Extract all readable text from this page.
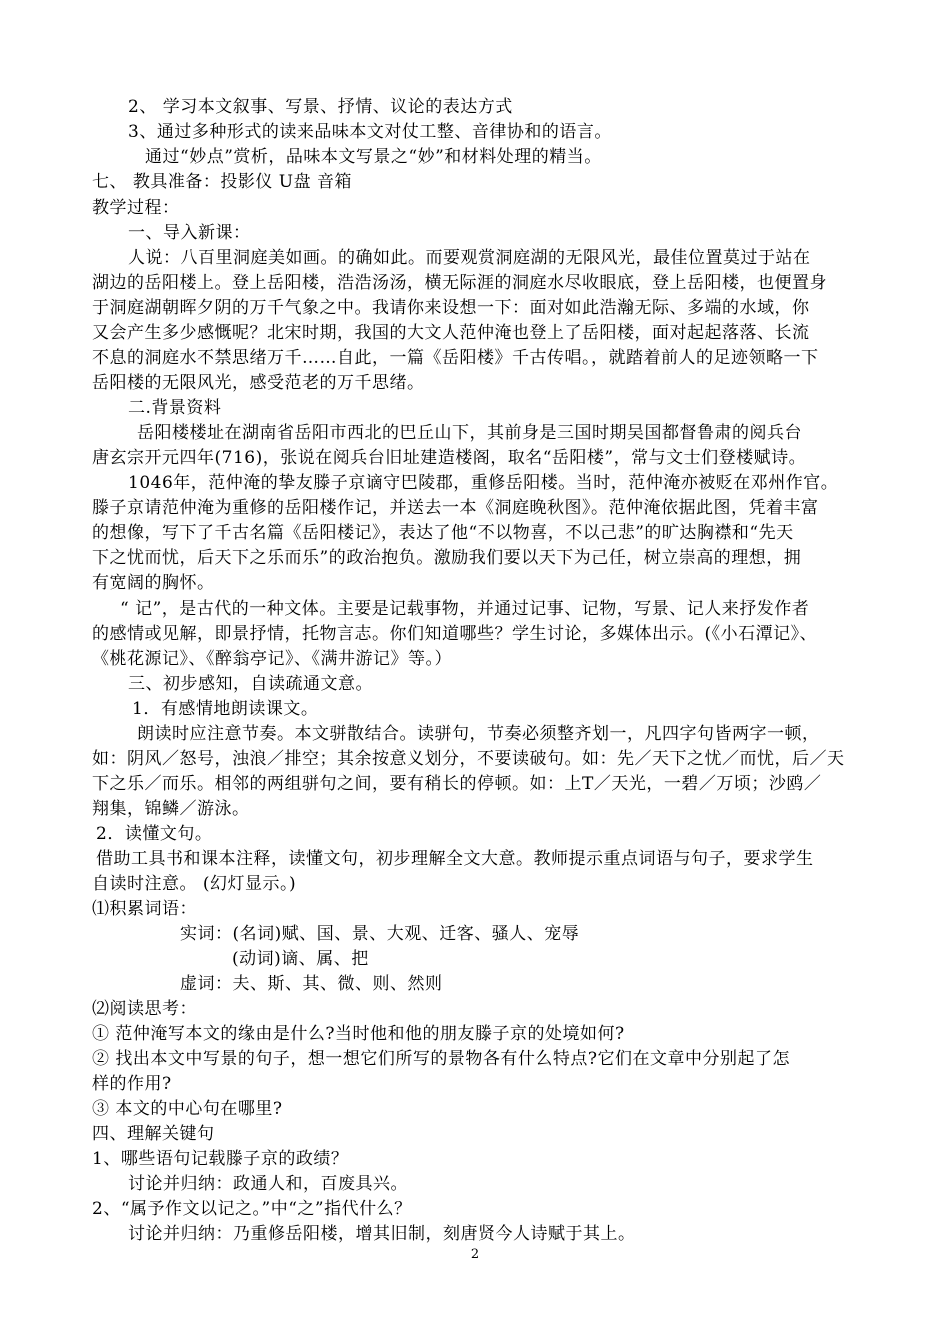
2、 学习本文叙事、写景、抒情、议论的表达方式
3、通过多种形式的读来品味本文对仗工整、音律协和的语言。
通过“妙点”赏析，品味本文写景之“妙”和材料处理的精当。
七、 教具准备：投影仪 U盘 音箱
教学过程：
一、导入新课：
人说：八百里洞庭美如画。的确如此。而要观赏洞庭湖的无限风光，最佳位置莫过于站在
湖边的岳阳楼上。登上岳阳楼，浩浩汤汤，横无际涯的洞庭水尽收眼底，登上岳阳楼，也便置身
于洞庭湖朝晖夕阴的万千气象之中。我请你来设想一下：面对如此浩瀚无际、多端的水域，你
又会产生多少感慨呢？北宋时期，我国的大文人范仲淹也登上了岳阳楼，面对起起落落、长流
不息的洞庭水不禁思绪万千……自此，一篇《岳阳楼》千古传唱。，就踏着前人的足迹领略一下
岳阳楼的无限风光，感受范老的万千思绪。
二.背景资料
岳阳楼楼址在湖南省岳阳市西北的巴丘山下，其前身是三国时期吴国都督鲁肃的阅兵台
唐玄宗开元四年(716)，张说在阅兵台旧址建造楼阁，取名“岳阳楼”，常与文士们登楼赋诗。
1046年，范仲淹的挚友滕子京谪守巴陵郡，重修岳阳楼。当时，范仲淹亦被贬在邓州作官。
滕子京请范仲淹为重修的岳阳楼作记，并送去一本《洞庭晚秋图》。范仲淹依据此图，凭着丰富
的想像，写下了千古名篇《岳阳楼记》，表达了他“不以物喜，不以己悲”的旷达胸襟和“先天
下之忧而忧，后天下之乐而乐”的政治抱负。激励我们要以天下为己任，树立崇高的理想，拥
有宽阔的胸怀。
“ 记”，是古代的一种文体。主要是记载事物，并通过记事、记物，写景、记人来抒发作者
的感情或见解，即景抒情，托物言志。你们知道哪些？学生讨论，多媒体出示。(《小石潭记》、
《桃花源记》、《醉翁亭记》、《满井游记》等。）
三、初步感知，自读疏通文意。
1．有感情地朗读课文。
朗读时应注意节奏。本文骈散结合。读骈句，节奏必须整齐划一，凡四字句皆两字一顿，
如：阴风／怒号，浊浪／排空；其余按意义划分，不要读破句。如：先／天下之忧／而忧，后／天
下之乐／而乐。相邻的两组骈句之间，要有稍长的停顿。如：上T／天光，一碧／万顷；沙鸥／
翔集，锦鳞／游泳。
2．读懂文句。
借助工具书和课本注释，读懂文句，初步理解全文大意。教师提示重点词语与句子，要求学生
自读时注意。 (幻灯显示。)
⑴积累词语：
实词：(名词)赋、国、景、大观、迁客、骚人、宠辱
(动词)谪、属、把
虚词：夫、斯、其、微、则、然则
⑵阅读思考：
① 范仲淹写本文的缘由是什么?当时他和他的朋友滕子京的处境如何?
② 找出本文中写景的句子，想一想它们所写的景物各有什么特点?它们在文章中分别起了怎
样的作用?
③ 本文的中心句在哪里?
四、理解关键句
1、哪些语句记载滕子京的政绩？
讨论并归纳：政通人和，百废具兴。
2、“属予作文以记之。”中“之”指代什么？
讨论并归纳：乃重修岳阳楼，增其旧制，刻唐贤今人诗赋于其上。
2
